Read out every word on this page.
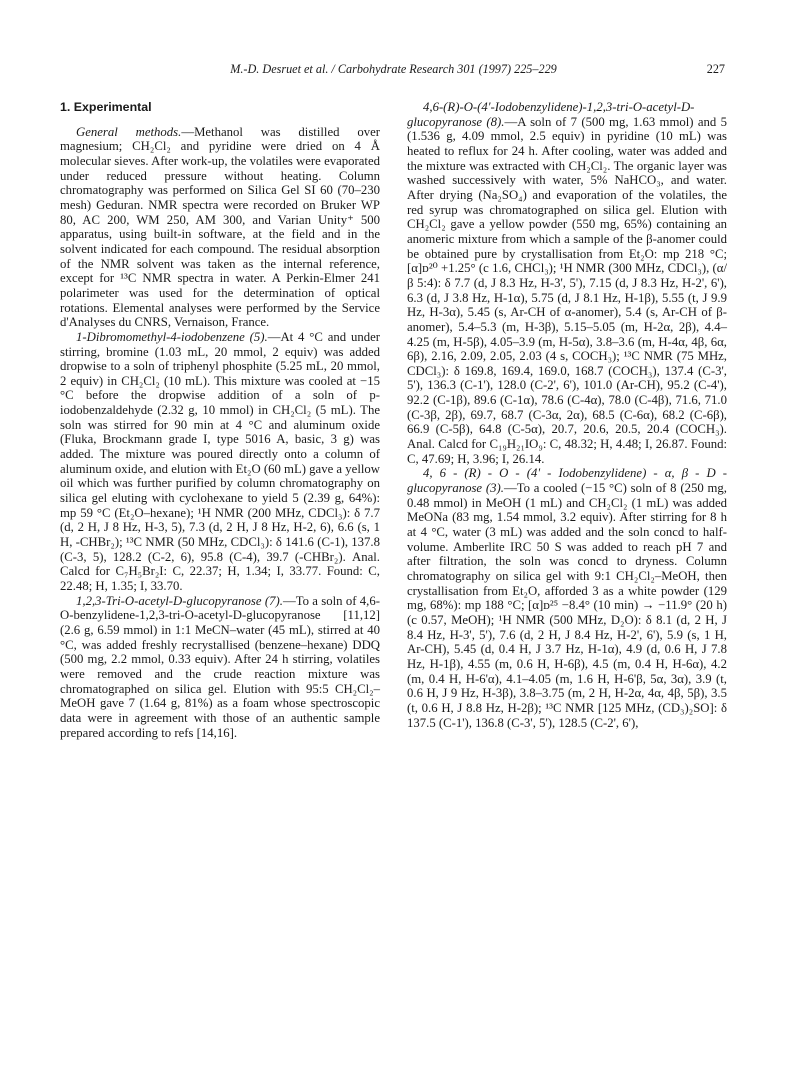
M.-D. Desruet et al. / Carbohydrate Research 301 (1997) 225–229	227

1. Experimental

General methods.—Methanol was distilled over magnesium; CH₂Cl₂ and pyridine were dried on 4 Å molecular sieves. After work-up, the volatiles were evaporated under reduced pressure without heating. Column chromatography was performed on Silica Gel SI 60 (70–230 mesh) Geduran. NMR spectra were recorded on Bruker WP 80, AC 200, WM 250, AM 300, and Varian Unity⁺ 500 apparatus, using built-in software, at the field and in the solvent indicated for each compound. The residual absorption of the NMR solvent was taken as the internal reference, except for ¹³C NMR spectra in water. A Perkin-Elmer 241 polarimeter was used for the determination of optical rotations. Elemental analyses were performed by the Service d'Analyses du CNRS, Vernaison, France.

1-Dibromomethyl-4-iodobenzene (5).—At 4 °C and under stirring, bromine (1.03 mL, 20 mmol, 2 equiv) was added dropwise to a soln of triphenyl phosphite (5.25 mL, 20 mmol, 2 equiv) in CH₂Cl₂ (10 mL). This mixture was cooled at −15 °C before the dropwise addition of a soln of p-iodobenzaldehyde (2.32 g, 10 mmol) in CH₂Cl₂ (5 mL). The soln was stirred for 90 min at 4 °C and aluminum oxide (Fluka, Brockmann grade I, type 5016 A, basic, 3 g) was added. The mixture was poured directly onto a column of aluminum oxide, and elution with Et₂O (60 mL) gave a yellow oil which was further purified by column chromatography on silica gel eluting with cyclohexane to yield 5 (2.39 g, 64%): mp 59 °C (Et₂O–hexane); ¹H NMR (200 MHz, CDCl₃): δ 7.7 (d, 2 H, J 8 Hz, H-3, 5), 7.3 (d, 2 H, J 8 Hz, H-2, 6), 6.6 (s, 1 H, -CHBr₂); ¹³C NMR (50 MHz, CDCl₃): δ 141.6 (C-1), 137.8 (C-3, 5), 128.2 (C-2, 6), 95.8 (C-4), 39.7 (-CHBr₂). Anal. Calcd for C₇H₅Br₂I: C, 22.37; H, 1.34; I, 33.77. Found: C, 22.48; H, 1.35; I, 33.70.

1,2,3-Tri-O-acetyl-D-glucopyranose (7).—To a soln of 4,6-O-benzylidene-1,2,3-tri-O-acetyl-D-glucopyranose [11,12] (2.6 g, 6.59 mmol) in 1:1 MeCN–water (45 mL), stirred at 40 °C, was added freshly recrystallised (benzene–hexane) DDQ (500 mg, 2.2 mmol, 0.33 equiv). After 24 h stirring, volatiles were removed and the crude reaction mixture was chromatographed on silica gel. Elution with 95:5 CH₂Cl₂–MeOH gave 7 (1.64 g, 81%) as a foam whose spectroscopic data were in agreement with those of an authentic sample prepared according to refs [14,16].

4,6-(R)-O-(4'-Iodobenzylidene)-1,2,3-tri-O-acetyl-D-glucopyranose (8).—A soln of 7 (500 mg, 1.63 mmol) and 5 (1.536 g, 4.09 mmol, 2.5 equiv) in pyridine (10 mL) was heated to reflux for 24 h. After cooling, water was added and the mixture was extracted with CH₂Cl₂. The organic layer was washed successively with water, 5% NaHCO₃, and water. After drying (Na₂SO₄) and evaporation of the volatiles, the red syrup was chromatographed on silica gel. Elution with CH₂Cl₂ gave a yellow powder (550 mg, 65%) containing an anomeric mixture from which a sample of the β-anomer could be obtained pure by crystallisation from Et₂O: mp 218 °C; [α]ᴅ²⁰ +1.25° (c 1.6, CHCl₃); ¹H NMR (300 MHz, CDCl₃), (α/β 5:4): δ 7.7 (d, J 8.3 Hz, H-3', 5'), 7.15 (d, J 8.3 Hz, H-2', 6'), 6.3 (d, J 3.8 Hz, H-1α), 5.75 (d, J 8.1 Hz, H-1β), 5.55 (t, J 9.9 Hz, H-3α), 5.45 (s, Ar-CH of α-anomer), 5.4 (s, Ar-CH of β-anomer), 5.4–5.3 (m, H-3β), 5.15–5.05 (m, H-2α, 2β), 4.4–4.25 (m, H-5β), 4.05–3.9 (m, H-5α), 3.8–3.6 (m, H-4α, 4β, 6α, 6β), 2.16, 2.09, 2.05, 2.03 (4 s, COCH₃); ¹³C NMR (75 MHz, CDCl₃): δ 169.8, 169.4, 169.0, 168.7 (COCH₃), 137.4 (C-3', 5'), 136.3 (C-1'), 128.0 (C-2', 6'), 101.0 (Ar-CH), 95.2 (C-4'), 92.2 (C-1β), 89.6 (C-1α), 78.6 (C-4α), 78.0 (C-4β), 71.6, 71.0 (C-3β, 2β), 69.7, 68.7 (C-3α, 2α), 68.5 (C-6α), 68.2 (C-6β), 66.9 (C-5β), 64.8 (C-5α), 20.7, 20.6, 20.5, 20.4 (COCH₃). Anal. Calcd for C₁₉H₂₁IO₉: C, 48.32; H, 4.48; I, 26.87. Found: C, 47.69; H, 3.96; I, 26.14.

4, 6 - (R) - O - (4' - Iodobenzylidene) - α, β - D - glucopyranose (3).—To a cooled (−15 °C) soln of 8 (250 mg, 0.48 mmol) in MeOH (1 mL) and CH₂Cl₂ (1 mL) was added MeONa (83 mg, 1.54 mmol, 3.2 equiv). After stirring for 8 h at 4 °C, water (3 mL) was added and the soln concd to half-volume. Amberlite IRC 50 S was added to reach pH 7 and after filtration, the soln was concd to dryness. Column chromatography on silica gel with 9:1 CH₂Cl₂–MeOH, then crystallisation from Et₂O, afforded 3 as a white powder (129 mg, 68%): mp 188 °C; [α]ᴅ²⁵ −8.4° (10 min) → −11.9° (20 h) (c 0.57, MeOH); ¹H NMR (500 MHz, D₂O): δ 8.1 (d, 2 H, J 8.4 Hz, H-3', 5'), 7.6 (d, 2 H, J 8.4 Hz, H-2', 6'), 5.9 (s, 1 H, Ar-CH), 5.45 (d, 0.4 H, J 3.7 Hz, H-1α), 4.9 (d, 0.6 H, J 7.8 Hz, H-1β), 4.55 (m, 0.6 H, H-6β), 4.5 (m, 0.4 H, H-6α), 4.2 (m, 0.4 H, H-6'α), 4.1–4.05 (m, 1.6 H, H-6'β, 5α, 3α), 3.9 (t, 0.6 H, J 9 Hz, H-3β), 3.8–3.75 (m, 2 H, H-2α, 4α, 4β, 5β), 3.5 (t, 0.6 H, J 8.8 Hz, H-2β); ¹³C NMR [125 MHz, (CD₃)₂SO]: δ 137.5 (C-1'), 136.8 (C-3', 5'), 128.5 (C-2', 6'),
